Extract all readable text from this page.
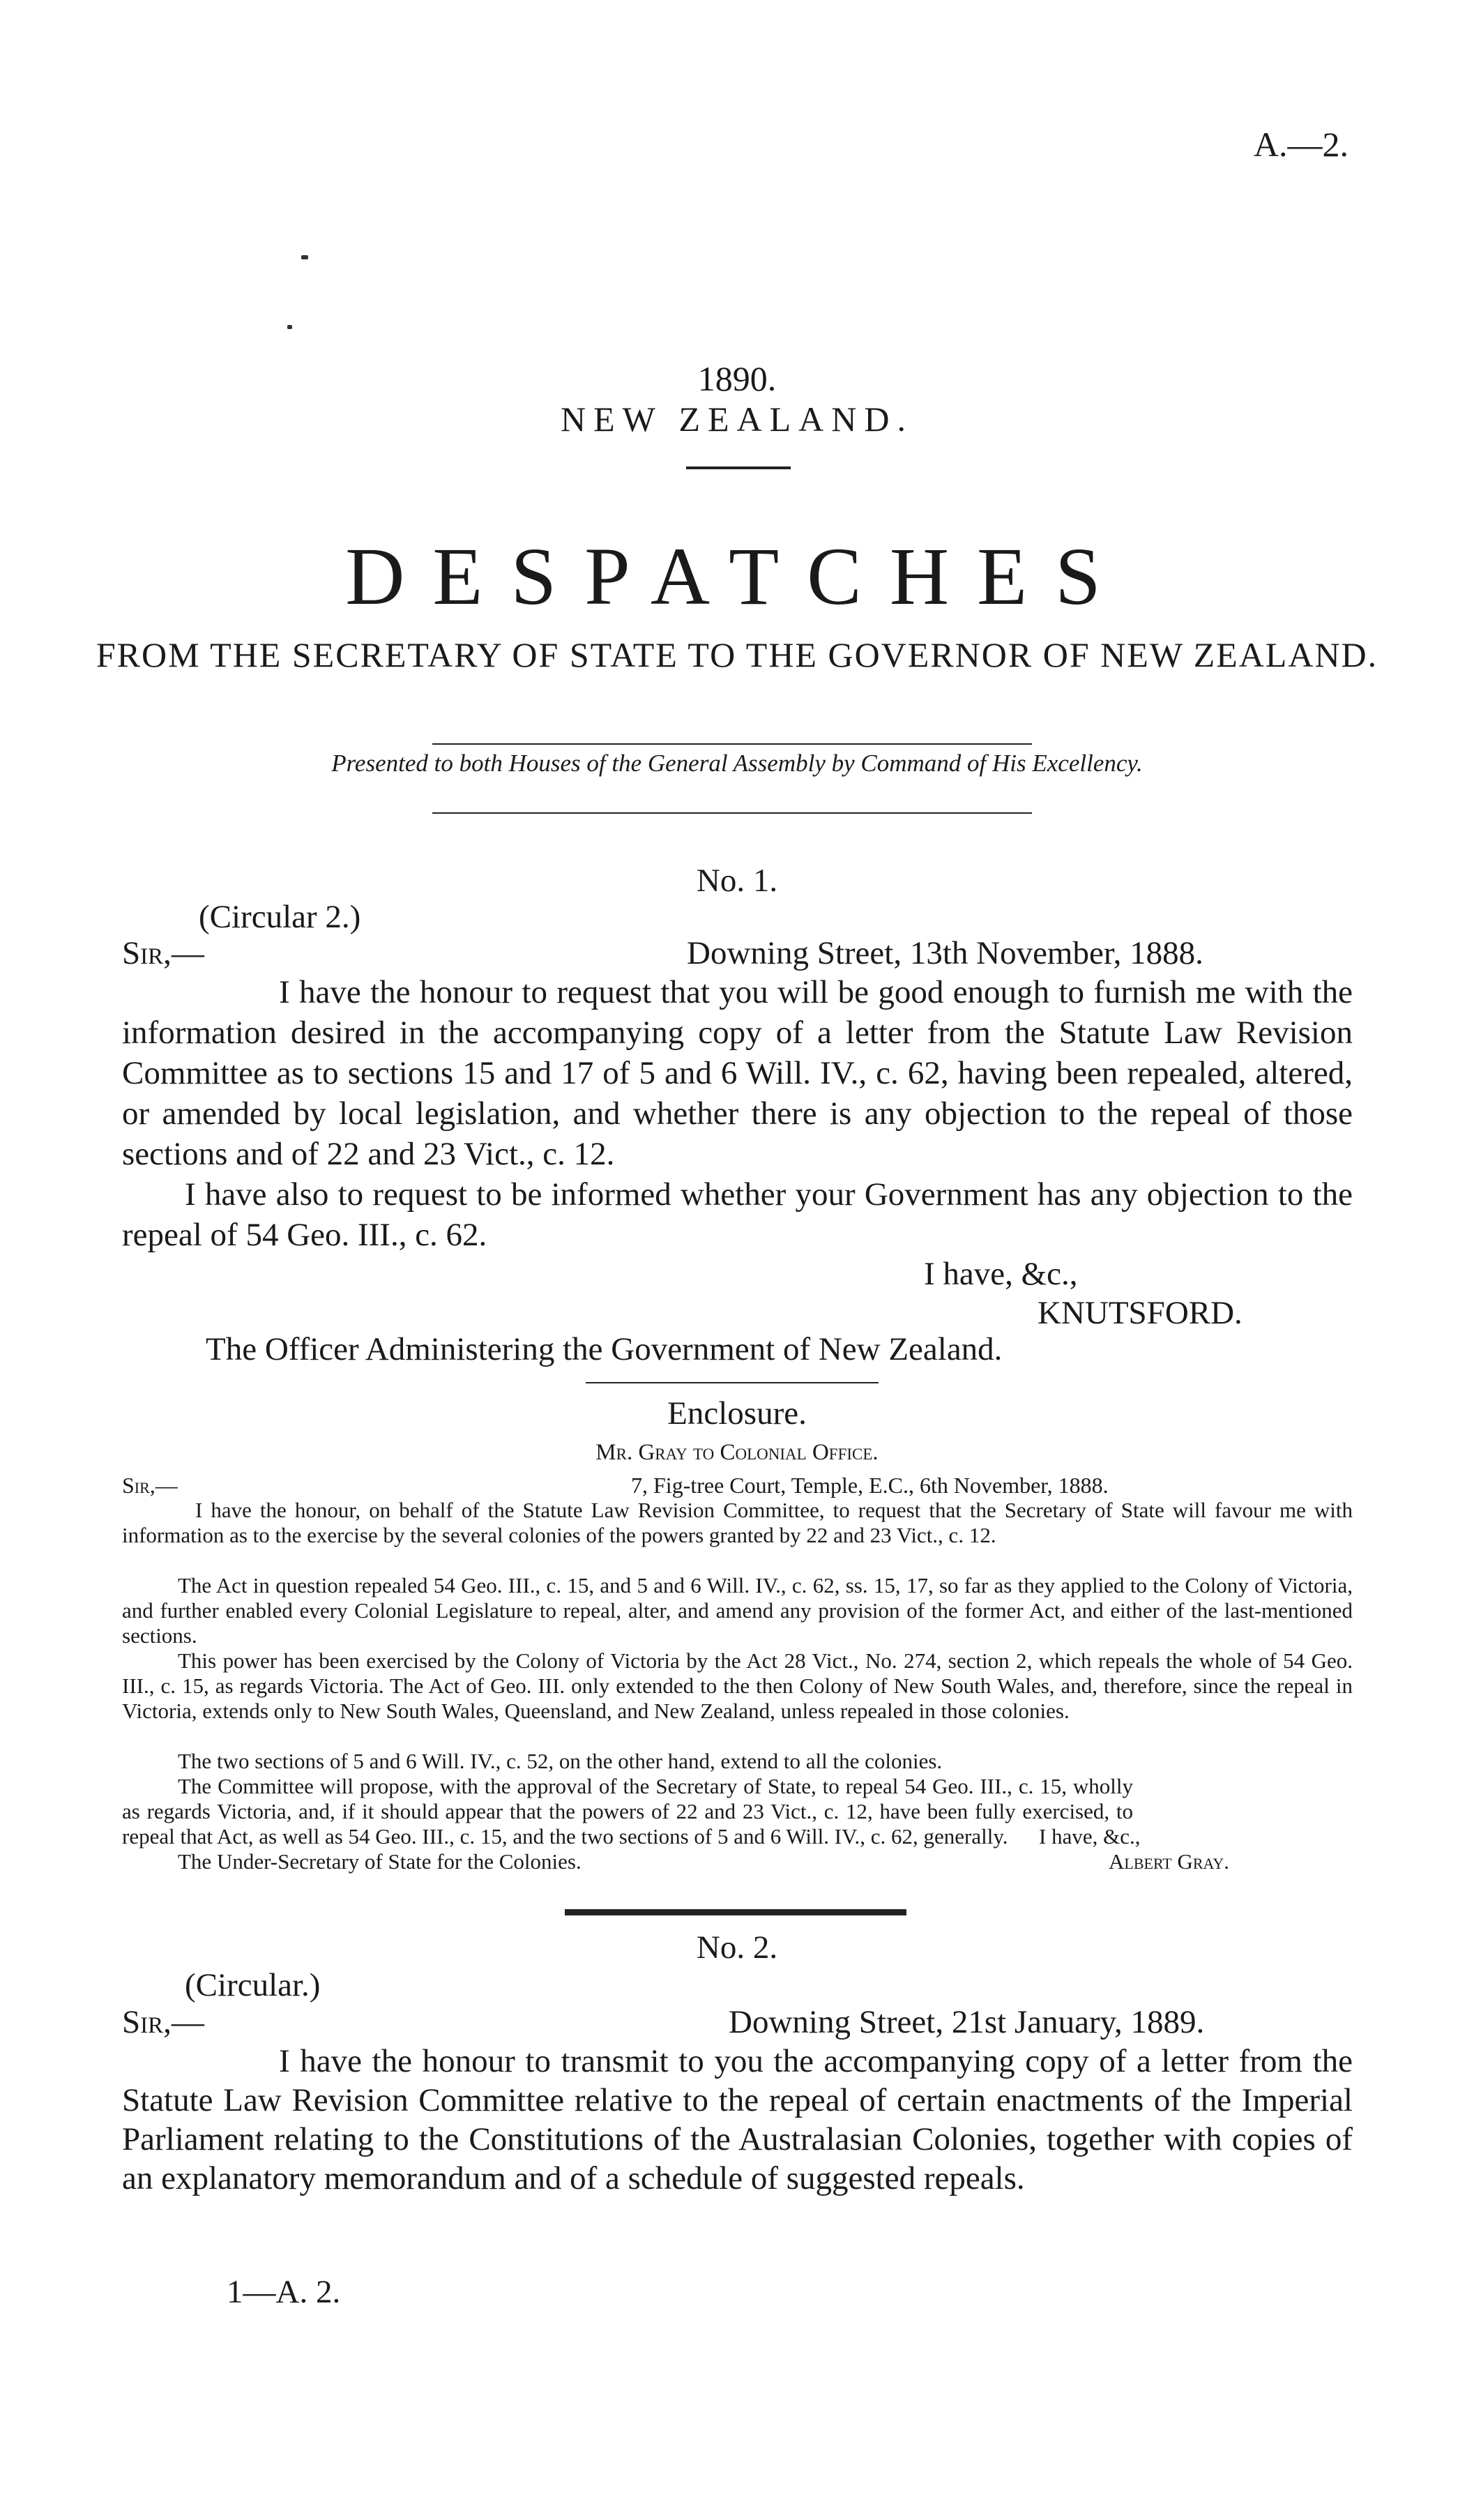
A.—2.
1890.
NEW ZEALAND.
DESPATCHES
FROM THE SECRETARY OF STATE TO THE GOVERNOR OF NEW ZEALAND.
Presented to both Houses of the General Assembly by Command of His Excellency.
No. 1.
(Circular 2.)
Sir,—	Downing Street, 13th November, 1888.
I have the honour to request that you will be good enough to furnish me with the information desired in the accompanying copy of a letter from the Statute Law Revision Committee as to sections 15 and 17 of 5 and 6 Will. IV., c. 62, having been repealed, altered, or amended by local legislation, and whether there is any objection to the repeal of those sections and of 22 and 23 Vict., c. 12.
I have also to request to be informed whether your Government has any objection to the repeal of 54 Geo. III., c. 62.
I have, &c.,
KNUTSFORD.
The Officer Administering the Government of New Zealand.
Enclosure.
Mr. Gray to Colonial Office.
Sir,—	7, Fig-tree Court, Temple, E.C., 6th November, 1888.
I have the honour, on behalf of the Statute Law Revision Committee, to request that the Secretary of State will favour me with information as to the exercise by the several colonies of the powers granted by 22 and 23 Vict., c. 12.
The Act in question repealed 54 Geo. III., c. 15, and 5 and 6 Will. IV., c. 62, ss. 15, 17, so far as they applied to the Colony of Victoria, and further enabled every Colonial Legislature to repeal, alter, and amend any provision of the former Act, and either of the last-mentioned sections.
This power has been exercised by the Colony of Victoria by the Act 28 Vict., No. 274, section 2, which repeals the whole of 54 Geo. III., c. 15, as regards Victoria. The Act of Geo. III. only extended to the then Colony of New South Wales, and, therefore, since the repeal in Victoria, extends only to New South Wales, Queensland, and New Zealand, unless repealed in those colonies.
The two sections of 5 and 6 Will. IV., c. 52, on the other hand, extend to all the colonies.
The Committee will propose, with the approval of the Secretary of State, to repeal 54 Geo. III., c. 15, wholly as regards Victoria, and, if it should appear that the powers of 22 and 23 Vict., c. 12, have been fully exercised, to repeal that Act, as well as 54 Geo. III., c. 15, and the two sections of 5 and 6 Will. IV., c. 62, generally.	I have, &c.,
The Under-Secretary of State for the Colonies.	Albert Gray.
No. 2.
(Circular.)
Sir,—	Downing Street, 21st January, 1889.
I have the honour to transmit to you the accompanying copy of a letter from the Statute Law Revision Committee relative to the repeal of certain enactments of the Imperial Parliament relating to the Constitutions of the Australasian Colonies, together with copies of an explanatory memorandum and of a schedule of suggested repeals.
1—A. 2.
